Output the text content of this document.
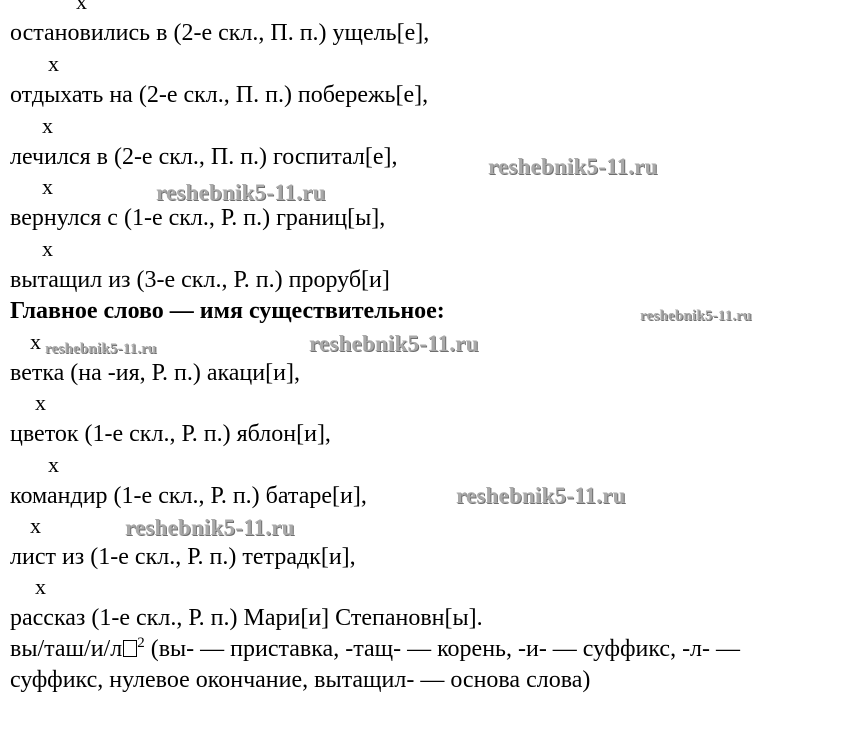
x
x
x
x
x
x
x
x
x
x
остановились в (2-е скл., П. п.) ущель[е],
отдыхать на (2-е скл., П. п.) побережь[е],
лечился в (2-е скл., П. п.) госпитал[е],
вернулся с (1-е скл., Р. п.) границ[ы],
вытащил из (3-е скл., Р. п.) проруб[и]
Главное слово — имя существительное:
ветка (на -ия, Р. п.) акаци[и],
цветок (1-е скл., Р. п.) яблон[и],
командир (1-е скл., Р. п.) батаре[и],
лист из (1-е скл., Р. п.) тетрадк[и],
рассказ (1-е скл., Р. п.) Мари[и] Степановн[ы].
вы/таш/и/л $^2$ (вы- — приставка, -тащ- — корень, -и- — суффикс, -л- —
суффикс, нулевое окончание, вытащил- — основа слова)
reshebnik5-11.ru
reshebnik5-11.ru
reshebnik5-11.ru
reshebnik5-11.ru	reshebnik5-11.ru
reshebnik5-11.ru
reshebnik5-11.ru
